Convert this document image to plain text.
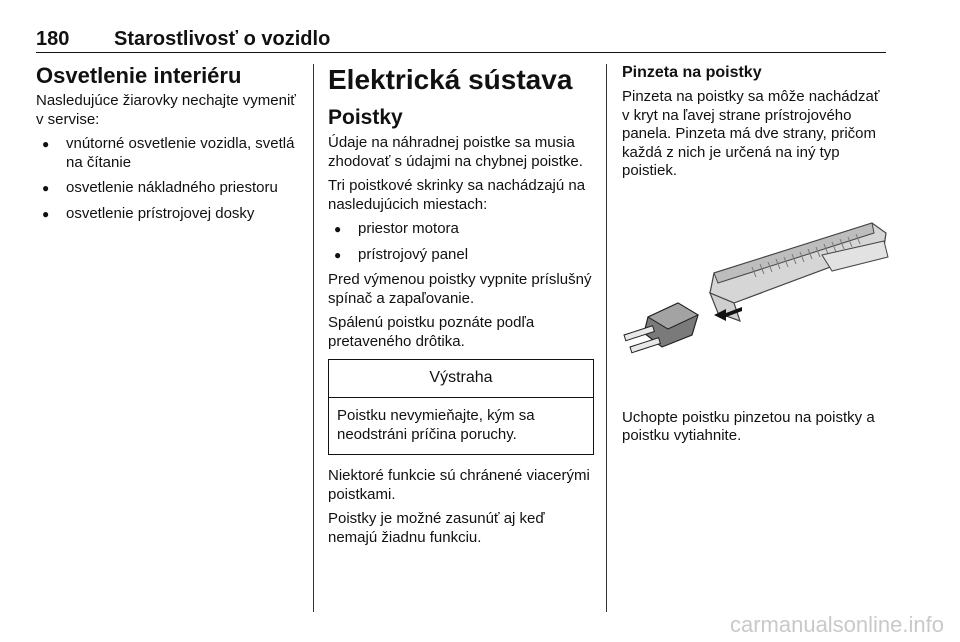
180 Starostlivosť o vozidlo
Osvetlenie interiéru

Nasledujúce žiarovky nechajte vymeniť v servise:

● vnútorné osvetlenie vozidla, svetlá na čítanie
● osvetlenie nákladného priestoru
● osvetlenie prístrojovej dosky
Elektrická sústava
Poistky

Údaje na náhradnej poistke sa musia zhodovať s údajmi na chybnej poistke.

Tri poistkové skrinky sa nachádzajú na nasledujúcich miestach:

● priestor motora
● prístrojový panel

Pred výmenou poistky vypnite príslušný spínač a zapaľovanie.

Spálenú poistku poznáte podľa pretaveného drôtika.

Výstraha
Poistku nevymieňajte, kým sa neodstráni príčina poruchy.

Niektoré funkcie sú chránené viacerými poistkami.

Poistky je možné zasunúť aj keď nemajú žiadnu funkciu.

Pinzeta na poistky

Pinzeta na poistky sa môže nachádzať v kryt na ľavej strane prístrojového panela. Pinzeta má dve strany, pričom každá z nich je určená na iný typ poistiek.

Uchopte poistku pinzetou na poistky a poistku vytiahnite.

carmanualsonline.info
